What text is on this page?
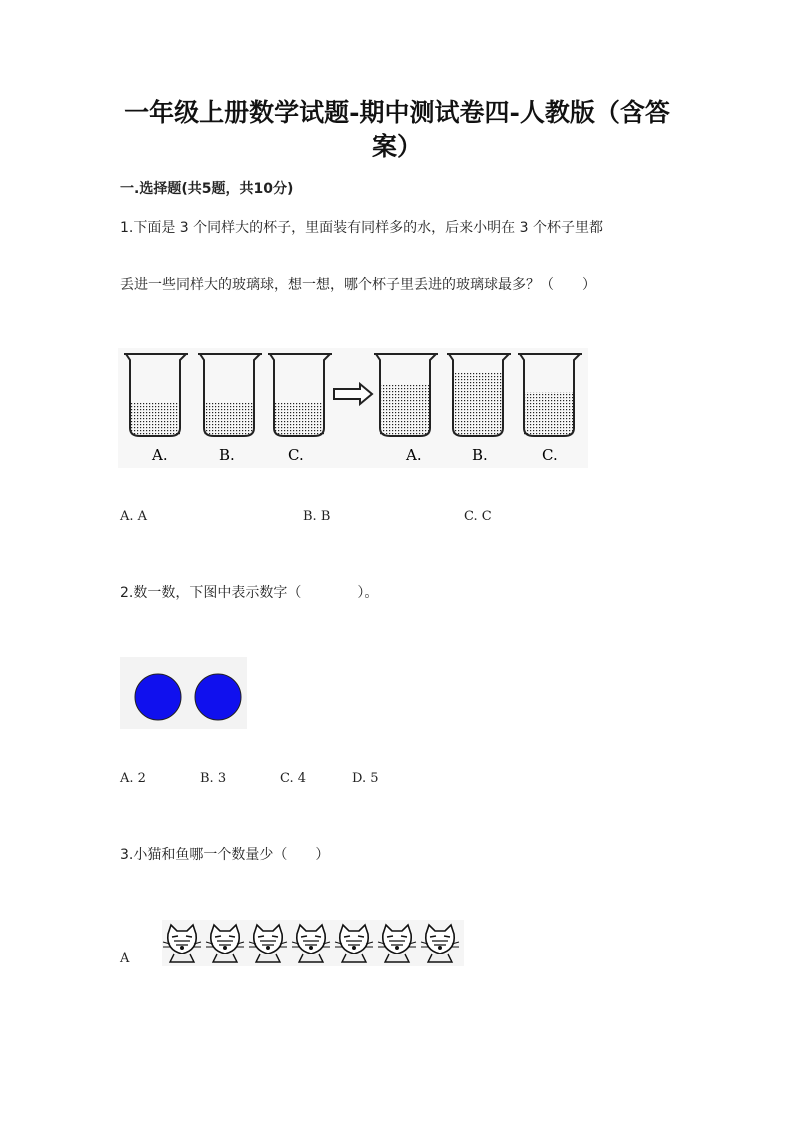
一年级上册数学试题-期中测试卷四-人教版（含答案）
一.选择题(共5题，共10分)
1.下面是 3 个同样大的杯子，里面装有同样多的水，后来小明在 3 个杯子里都
丢进一些同样大的玻璃球，想一想，哪个杯子里丢进的玻璃球最多？（　　）
A.	B.	C.	A.	B.	C.
A. A	B. B	C. C
2.数一数，下图中表示数字（　　　　）。
A. 2	B. 3	C. 4	D. 5
3.小猫和鱼哪一个数量少（　　）
A
